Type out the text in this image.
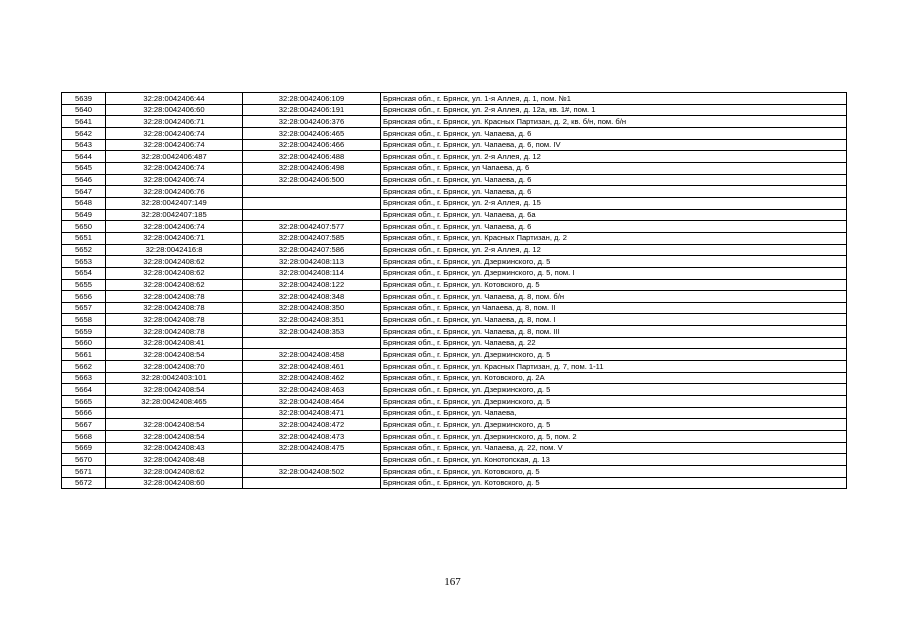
5639	32:28:0042406:44	32:28:0042406:109	Брянская обл., г. Брянск, ул. 1-я Аллея, д. 1, пом. №1
5640	32:28:0042406:60	32:28:0042406:191	Брянская обл., г. Брянск, ул. 2-я Аллея, д. 12а, кв. 1#, пом. 1
5641	32:28:0042406:71	32:28:0042406:376	Брянская обл., г. Брянск, ул. Красных Партизан, д. 2, кв. б/н, пом. б/н
5642	32:28:0042406:74	32:28:0042406:465	Брянская обл., г. Брянск, ул. Чапаева, д. 6
5643	32:28:0042406:74	32:28:0042406:466	Брянская обл., г. Брянск, ул. Чапаева, д. 6, пом. IV
5644	32:28:0042406:487	32:28:0042406:488	Брянская обл., г. Брянск, ул. 2-я Аллея, д. 12
5645	32:28:0042406:74	32:28:0042406:498	Брянская обл., г. Брянск, ул Чапаева, д. 6
5646	32:28:0042406:74	32:28:0042406:500	Брянская обл., г. Брянск, ул. Чапаева, д. 6
5647	32:28:0042406:76		Брянская обл., г. Брянск, ул. Чапаева, д. 6
5648	32:28:0042407:149		Брянская обл., г. Брянск, ул. 2-я Аллея, д. 15
5649	32:28:0042407:185		Брянская обл., г. Брянск, ул. Чапаева, д. 6а
5650	32:28:0042406:74	32:28:0042407:577	Брянская обл., г. Брянск, ул. Чапаева, д. 6
5651	32:28:0042406:71	32:28:0042407:585	Брянская обл., г. Брянск, ул. Красных Партизан, д. 2
5652	32:28:0042416:8	32:28:0042407:586	Брянская обл., г. Брянск, ул. 2-я Аллея, д. 12
5653	32:28:0042408:62	32:28:0042408:113	Брянская обл., г. Брянск, ул. Дзержинского, д. 5
5654	32:28:0042408:62	32:28:0042408:114	Брянская обл., г. Брянск, ул. Дзержинского, д. 5, пом. I
5655	32:28:0042408:62	32:28:0042408:122	Брянская обл., г. Брянск, ул. Котовского, д. 5
5656	32:28:0042408:78	32:28:0042408:348	Брянская обл., г. Брянск, ул. Чапаева, д. 8, пом. б/н
5657	32:28:0042408:78	32:28:0042408:350	Брянская обл., г. Брянск, ул Чапаева, д. 8, пом. II
5658	32:28:0042408:78	32:28:0042408:351	Брянская обл., г. Брянск, ул. Чапаева, д. 8, пом. I
5659	32:28:0042408:78	32:28:0042408:353	Брянская обл., г. Брянск, ул. Чапаева, д. 8, пом. III
5660	32:28:0042408:41		Брянская обл., г. Брянск, ул. Чапаева, д. 22
5661	32:28:0042408:54	32:28:0042408:458	Брянская обл., г. Брянск, ул. Дзержинского, д. 5
5662	32:28:0042408:70	32:28:0042408:461	Брянская обл., г. Брянск, ул. Красных Партизан, д. 7, пом. 1-11
5663	32:28:0042403:101	32:28:0042408:462	Брянская обл., г. Брянск, ул. Котовского, д. 2А
5664	32:28:0042408:54	32:28:0042408:463	Брянская обл., г. Брянск, ул. Дзержинского, д. 5
5665	32:28:0042408:465	32:28:0042408:464	Брянская обл., г. Брянск, ул. Дзержинского, д. 5
5666		32:28:0042408:471	Брянская обл., г. Брянск, ул. Чапаева,
5667	32:28:0042408:54	32:28:0042408:472	Брянская обл., г. Брянск, ул. Дзержинского, д. 5
5668	32:28:0042408:54	32:28:0042408:473	Брянская обл., г. Брянск, ул. Дзержинского, д. 5, пом. 2
5669	32:28:0042408:43	32:28:0042408:475	Брянская обл., г. Брянск, ул. Чапаева, д. 22, пом. V
5670	32:28:0042408:48		Брянская обл., г. Брянск, ул. Конотопская, д. 13
5671	32:28:0042408:62	32:28:0042408:502	Брянская обл., г. Брянск, ул. Котовского, д. 5
5672	32:28:0042408:60		Брянская обл., г. Брянск, ул. Котовского, д. 5
167
